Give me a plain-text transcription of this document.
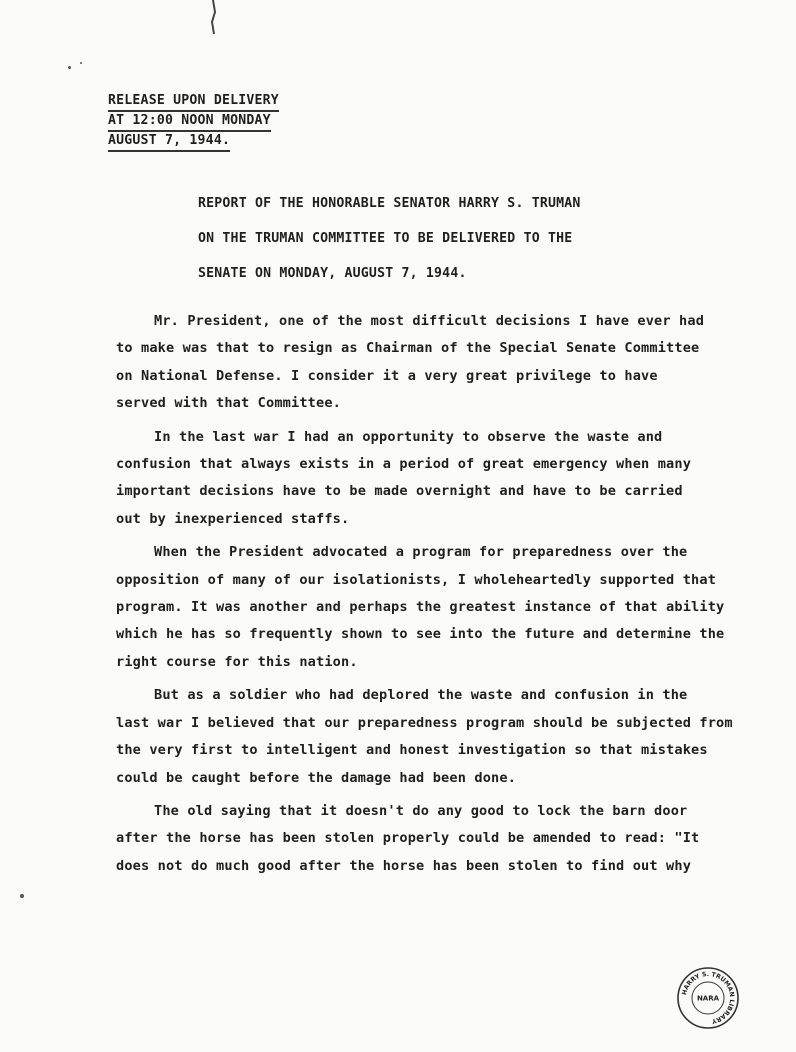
RELEASE UPON DELIVERY
AT 12:00 NOON MONDAY
AUGUST 7, 1944.
REPORT OF THE HONORABLE SENATOR HARRY S. TRUMAN
ON THE TRUMAN COMMITTEE TO BE DELIVERED TO THE
SENATE ON MONDAY, AUGUST 7, 1944.
Mr. President, one of the most difficult decisions I have ever had
to make was that to resign as Chairman of the Special Senate Committee
on National Defense. I consider it a very great privilege to have
served with that Committee.
In the last war I had an opportunity to observe the waste and
confusion that always exists in a period of great emergency when many
important decisions have to be made overnight and have to be carried
out by inexperienced staffs.
When the President advocated a program for preparedness over the
opposition of many of our isolationists, I wholeheartedly supported that
program. It was another and perhaps the greatest instance of that ability
which he has so frequently shown to see into the future and determine the
right course for this nation.
But as a soldier who had deplored the waste and confusion in the
last war I believed that our preparedness program should be subjected from
the very first to intelligent and honest investigation so that mistakes
could be caught before the damage had been done.
The old saying that it doesn't do any good to lock the barn door
after the horse has been stolen properly could be amended to read: "It
does not do much good after the horse has been stolen to find out why
HARRY S. TRUMAN LIBRARY
NARA
